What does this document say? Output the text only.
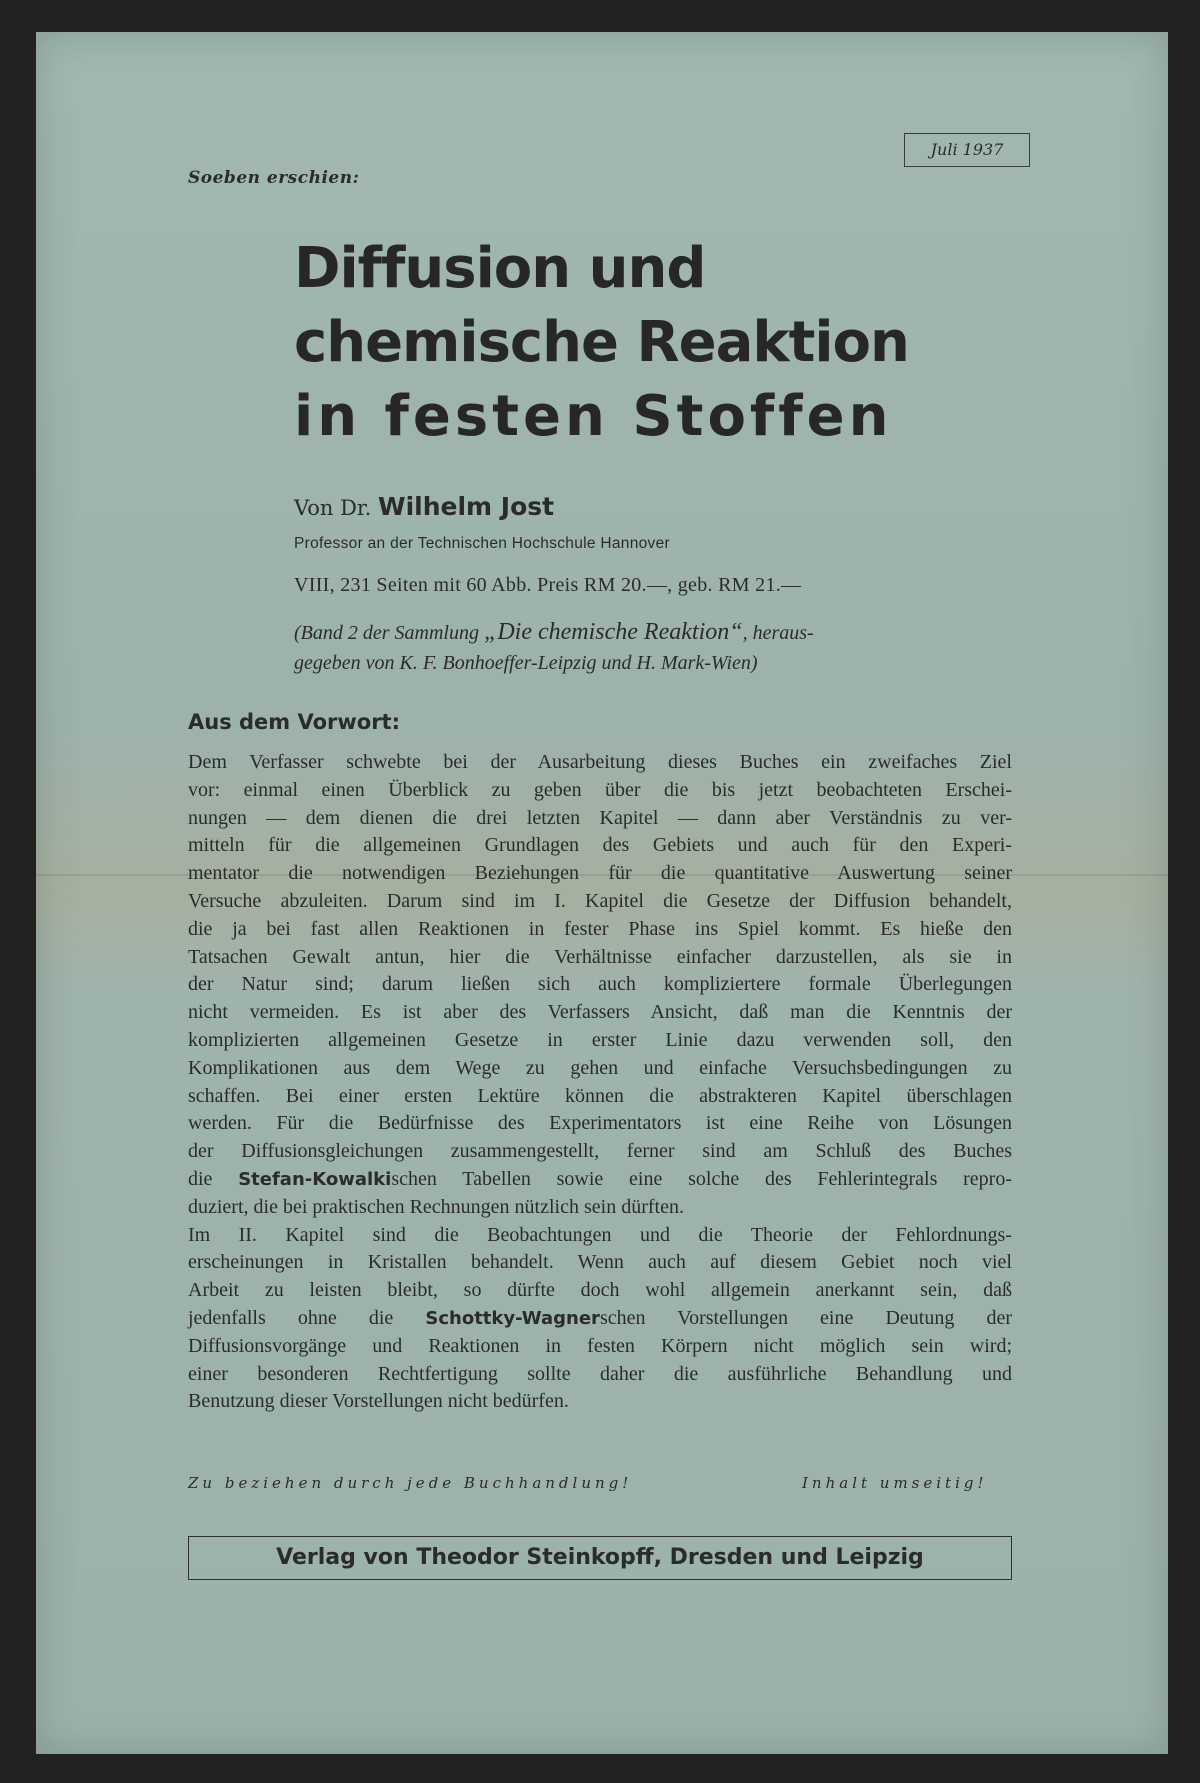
Juli 1937
Soeben erschien:
Diffusion und
chemische Reaktion
in festen Stoffen
Von Dr. Wilhelm Jost
Professor an der Technischen Hochschule Hannover
VIII, 231 Seiten mit 60 Abb. Preis RM 20.—, geb. RM 21.—
(Band 2 der Sammlung „Die chemische Reaktion“, heraus-
gegeben von K. F. Bonhoeffer-Leipzig und H. Mark-Wien)
Aus dem Vorwort:
Dem Verfasser schwebte bei der Ausarbeitung dieses Buches ein zweifaches Ziel
vor: einmal einen Überblick zu geben über die bis jetzt beobachteten Erschei-
nungen — dem dienen die drei letzten Kapitel — dann aber Verständnis zu ver-
mitteln für die allgemeinen Grundlagen des Gebiets und auch für den Experi-
mentator die notwendigen Beziehungen für die quantitative Auswertung seiner
Versuche abzuleiten. Darum sind im I. Kapitel die Gesetze der Diffusion behandelt,
die ja bei fast allen Reaktionen in fester Phase ins Spiel kommt. Es hieße den
Tatsachen Gewalt antun, hier die Verhältnisse einfacher darzustellen, als sie in
der Natur sind; darum ließen sich auch kompliziertere formale Überlegungen
nicht vermeiden. Es ist aber des Verfassers Ansicht, daß man die Kenntnis der
komplizierten allgemeinen Gesetze in erster Linie dazu verwenden soll, den
Komplikationen aus dem Wege zu gehen und einfache Versuchsbedingungen zu
schaffen. Bei einer ersten Lektüre können die abstrakteren Kapitel überschlagen
werden. Für die Bedürfnisse des Experimentators ist eine Reihe von Lösungen
der Diffusionsgleichungen zusammengestellt, ferner sind am Schluß des Buches
die Stefan-Kowalkischen Tabellen sowie eine solche des Fehlerintegrals repro-
duziert, die bei praktischen Rechnungen nützlich sein dürften.
Im II. Kapitel sind die Beobachtungen und die Theorie der Fehlordnungs-
erscheinungen in Kristallen behandelt. Wenn auch auf diesem Gebiet noch viel
Arbeit zu leisten bleibt, so dürfte doch wohl allgemein anerkannt sein, daß
jedenfalls ohne die Schottky-Wagnerschen Vorstellungen eine Deutung der
Diffusionsvorgänge und Reaktionen in festen Körpern nicht möglich sein wird;
einer besonderen Rechtfertigung sollte daher die ausführliche Behandlung und
Benutzung dieser Vorstellungen nicht bedürfen.
Zu beziehen durch jede Buchhandlung!	Inhalt umseitig!
Verlag von Theodor Steinkopff, Dresden und Leipzig
